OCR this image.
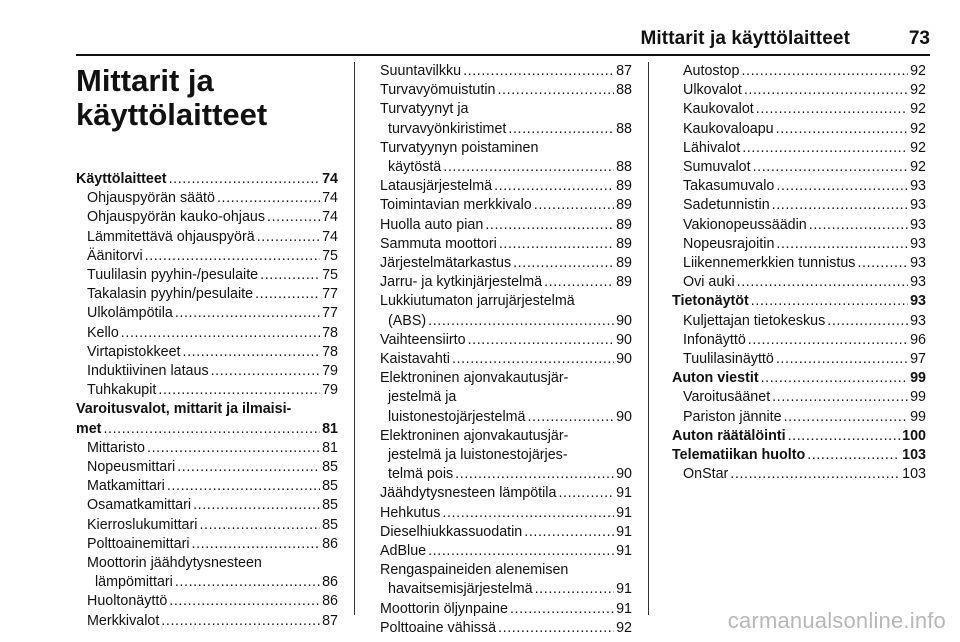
Mittarit ja käyttölaitteet	73
Mittarit ja
käyttölaitteet
Käyttölaitteet .....	74
Ohjauspyörän säätö .....	74
Ohjauspyörän kauko-ohjaus .....	74
Lämmitettävä ohjauspyörä .....	74
Äänitorvi .....	75
Tuulilasin pyyhin-/pesulaite .....	75
Takalasin pyyhin/pesulaite .....	77
Ulkolämpötila .....	77
Kello .....	78
Virtapistokkeet .....	78
Induktiivinen lataus .....	79
Tuhkakupit .....	79
Varoitusvalot, mittarit ja ilmaisi-
met .....	81
Mittaristo .....	81
Nopeusmittari .....	85
Matkamittari .....	85
Osamatkamittari .....	85
Kierroslukumittari .....	85
Polttoainemittari .....	86
Moottorin jäähdytysnesteen
lämpömittari .....	86
Huoltonäyttö .....	86
Merkkivalot .....	87
Suuntavilkku .....	87
Turvavyömuistutin .....	88
Turvatyynyt ja
turvavyönkiristimet .....	88
Turvatyynyn poistaminen
käytöstä .....	88
Latausjärjestelmä .....	89
Toimintavian merkkivalo .....	89
Huolla auto pian .....	89
Sammuta moottori .....	89
Järjestelmätarkastus .....	89
Jarru- ja kytkinjärjestelmä .....	89
Lukkiutumaton jarrujärjestelmä
(ABS) .....	90
Vaihteensiirto .....	90
Kaistavahti .....	90
Elektroninen ajonvakautusjär-
jestelmä ja
luistonestojärjestelmä .....	90
Elektroninen ajonvakautusjär-
jestelmä ja luistonestojärjes-
telmä pois .....	90
Jäähdytysnesteen lämpötila .....	91
Hehkutus .....	91
Dieselhiukkassuodatin .....	91
AdBlue .....	91
Rengaspaineiden alenemisen
havaitsemisjärjestelmä .....	91
Moottorin öljynpaine .....	91
Polttoaine vähissä .....	92
Autostop .....	92
Ulkovalot .....	92
Kaukovalot .....	92
Kaukovaloapu .....	92
Lähivalot .....	92
Sumuvalot .....	92
Takasumuvalo .....	93
Sadetunnistin .....	93
Vakionopeussäädin .....	93
Nopeusrajoitin .....	93
Liikennemerkkien tunnistus .....	93
Ovi auki .....	93
Tietonäytöt .....	93
Kuljettajan tietokeskus .....	93
Infonäyttö .....	96
Tuulilasinäyttö .....	97
Auton viestit .....	99
Varoitusäänet .....	99
Pariston jännite .....	99
Auton räätälöinti .....	100
Telematiikan huolto .....	103
OnStar .....	103
carmanualsonline.info
